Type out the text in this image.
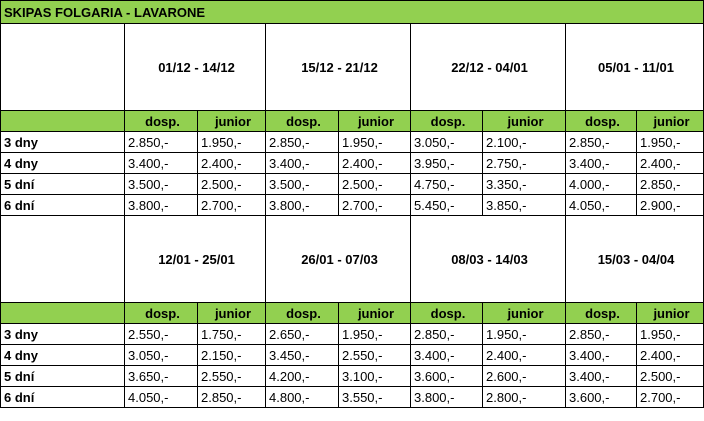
SKIPAS FOLGARIA - LAVARONE								
	01/12 - 14/12		15/12 - 21/12		22/12 - 04/01		05/01 - 11/01	
	dosp.	junior	dosp.	junior	dosp.	junior	dosp.	junior
3 dny	2.850,-	1.950,-	2.850,-	1.950,-	3.050,-	2.100,-	2.850,-	1.950,-
4 dny	3.400,-	2.400,-	3.400,-	2.400,-	3.950,-	2.750,-	3.400,-	2.400,-
5 dní	3.500,-	2.500,-	3.500,-	2.500,-	4.750,-	3.350,-	4.000,-	2.850,-
6 dní	3.800,-	2.700,-	3.800,-	2.700,-	5.450,-	3.850,-	4.050,-	2.900,-
	12/01 - 25/01		26/01 - 07/03		08/03 - 14/03		15/03 - 04/04	
	dosp.	junior	dosp.	junior	dosp.	junior	dosp.	junior
3 dny	2.550,-	1.750,-	2.650,-	1.950,-	2.850,-	1.950,-	2.850,-	1.950,-
4 dny	3.050,-	2.150,-	3.450,-	2.550,-	3.400,-	2.400,-	3.400,-	2.400,-
5 dní	3.650,-	2.550,-	4.200,-	3.100,-	3.600,-	2.600,-	3.400,-	2.500,-
6 dní	4.050,-	2.850,-	4.800,-	3.550,-	3.800,-	2.800,-	3.600,-	2.700,-
